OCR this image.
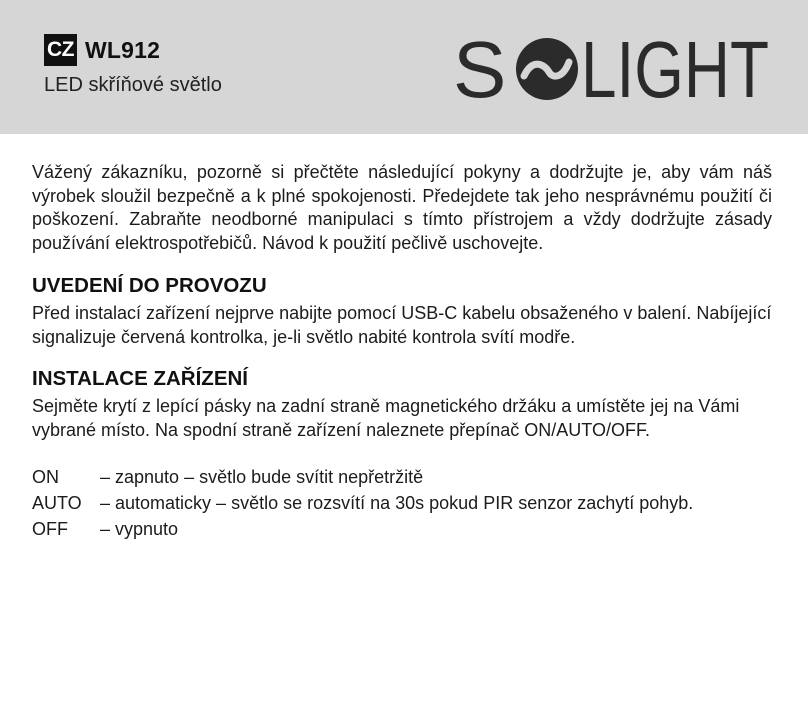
CZ WL912
LED skříňové světlo	S LIGHT

Vážený zákazníku, pozorně si přečtěte následující pokyny a dodržujte je, aby vám náš výrobek sloužil bezpečně a k plné spokojenosti. Předejdete tak jeho nesprávnému použití či poškození. Zabraňte neodborné manipulaci s tímto přístrojem a vždy dodržujte zásady používání elektrospotřebičů. Návod k použití pečlivě uschovejte.

UVEDENÍ DO PROVOZU

Před instalací zařízení nejprve nabijte pomocí USB-C kabelu obsaženého v balení. Nabíjející signalizuje červená kontrolka, je-li světlo nabité kontrola svítí modře.

INSTALACE ZAŘÍZENÍ

Sejměte krytí z lepící pásky na zadní straně magnetického držáku a umístěte jej na Vámi vybrané místo. Na spodní straně zařízení naleznete přepínač ON/AUTO/OFF.

ON	– zapnuto – světlo bude svítit nepřetržitě
AUTO	– automaticky – světlo se rozsvítí na 30s pokud PIR senzor zachytí pohyb.
OFF	– vypnuto
